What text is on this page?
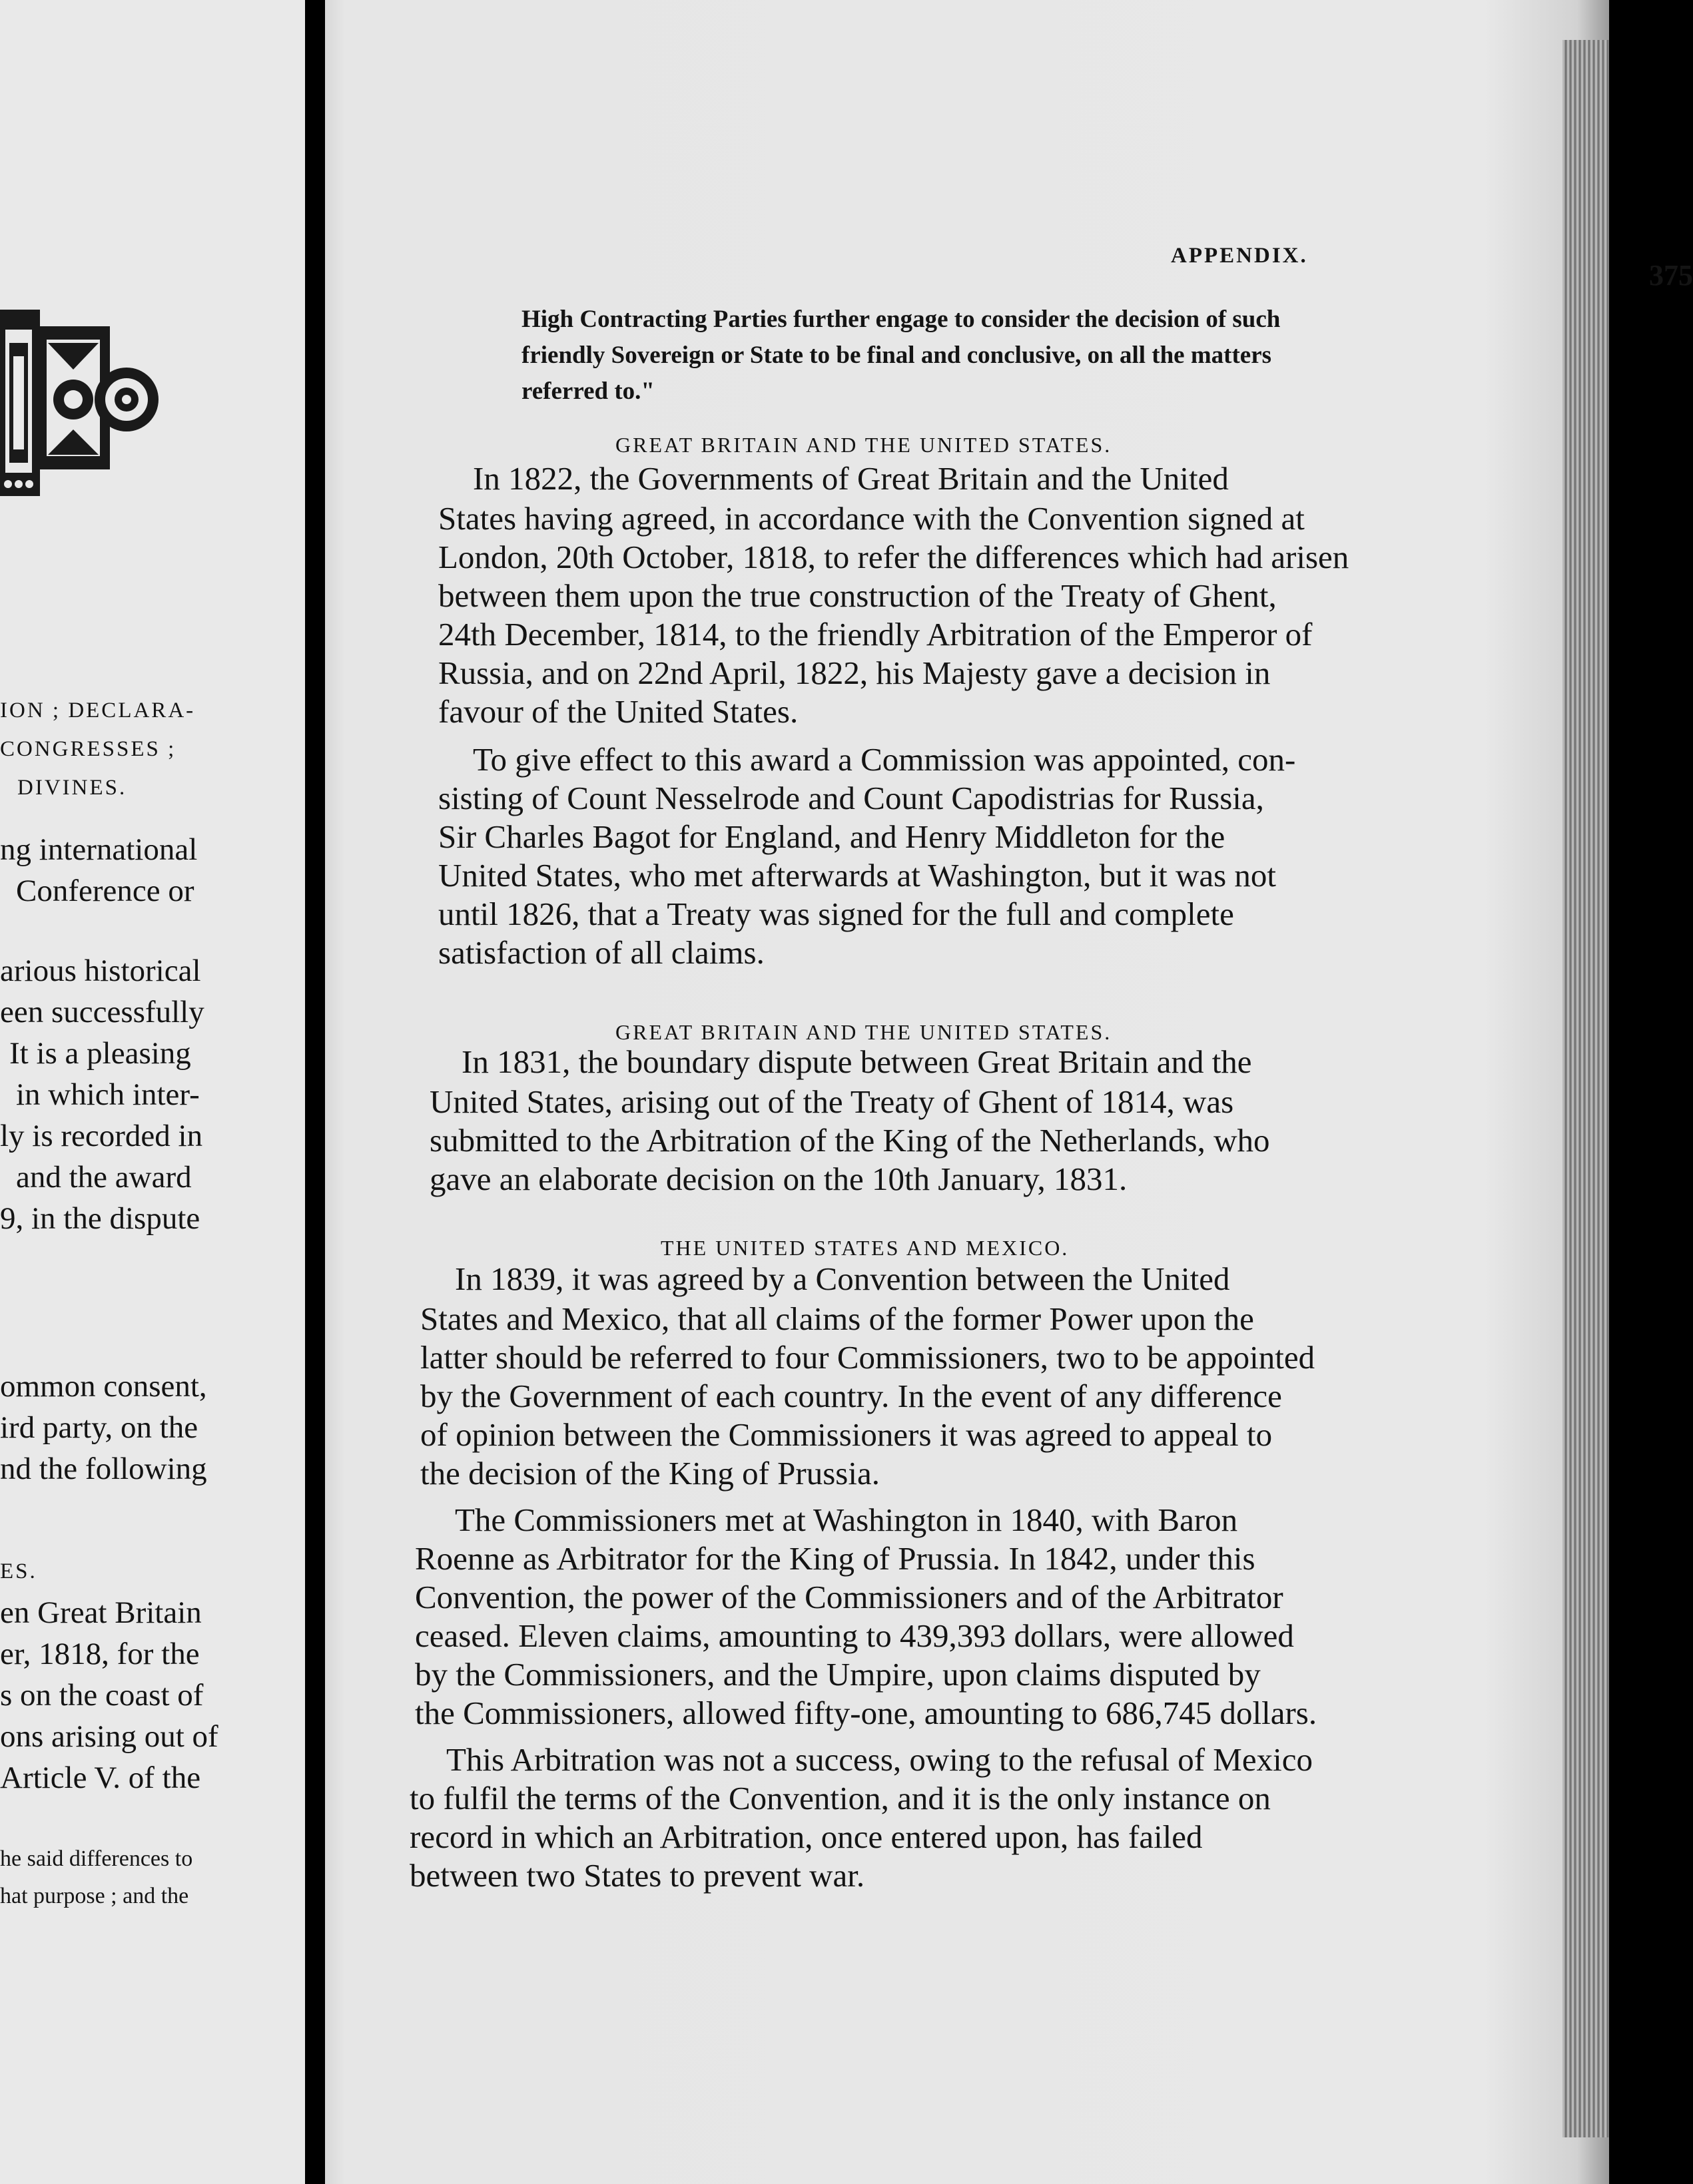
ION ; DECLARA-
CONGRESSES ;
DIVINES.
ng international
Conference or
arious historical
een successfully
It is a pleasing
in which inter-
ly is recorded in
and the award
9, in the dispute
ommon consent,
ird party, on the
nd the following
ES.
en Great Britain
er, 1818, for the
s on the coast of
ons arising out of
Article V. of the
he said differences to
hat purpose ; and the
APPENDIX.
375
High Contracting Parties further engage to consider the decision of such
friendly Sovereign or State to be final and conclusive, on all the matters
referred to."
GREAT BRITAIN AND THE UNITED STATES.
In 1822, the Governments of Great Britain and the United
States having agreed, in accordance with the Convention signed at
London, 20th October, 1818, to refer the differences which had arisen
between them upon the true construction of the Treaty of Ghent,
24th December, 1814, to the friendly Arbitration of the Emperor of
Russia, and on 22nd April, 1822, his Majesty gave a decision in
favour of the United States.
To give effect to this award a Commission was appointed, con-
sisting of Count Nesselrode and Count Capodistrias for Russia,
Sir Charles Bagot for England, and Henry Middleton for the
United States, who met afterwards at Washington, but it was not
until 1826, that a Treaty was signed for the full and complete
satisfaction of all claims.
GREAT BRITAIN AND THE UNITED STATES.
In 1831, the boundary dispute between Great Britain and the
United States, arising out of the Treaty of Ghent of 1814, was
submitted to the Arbitration of the King of the Netherlands, who
gave an elaborate decision on the 10th January, 1831.
THE UNITED STATES AND MEXICO.
In 1839, it was agreed by a Convention between the United
States and Mexico, that all claims of the former Power upon the
latter should be referred to four Commissioners, two to be appointed
by the Government of each country. In the event of any difference
of opinion between the Commissioners it was agreed to appeal to
the decision of the King of Prussia.
The Commissioners met at Washington in 1840, with Baron
Roenne as Arbitrator for the King of Prussia. In 1842, under this
Convention, the power of the Commissioners and of the Arbitrator
ceased. Eleven claims, amounting to 439,393 dollars, were allowed
by the Commissioners, and the Umpire, upon claims disputed by
the Commissioners, allowed fifty-one, amounting to 686,745 dollars.
This Arbitration was not a success, owing to the refusal of Mexico
to fulfil the terms of the Convention, and it is the only instance on
record in which an Arbitration, once entered upon, has failed
between two States to prevent war.
